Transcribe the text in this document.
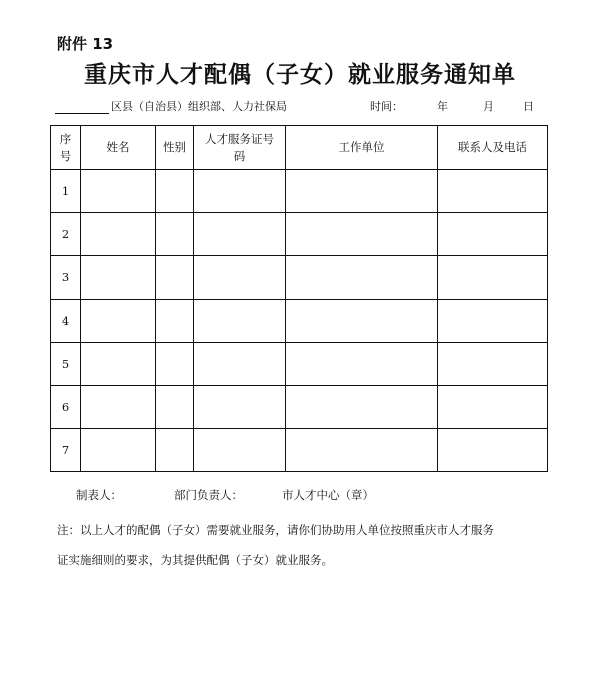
附件 13
重庆市人才配偶（子女）就业服务通知单
区县（自治县）组织部、人力社保局	时间：	年	月	日
序号	姓名	性别	人才服务证号码	工作单位	联系人及电话
1					
2					
3					
4					
5					
6					
7					
制表人：	部门负责人：	市人才中心（章）
注：以上人才的配偶（子女）需要就业服务，请你们协助用人单位按照重庆市人才服务
证实施细则的要求，为其提供配偶（子女）就业服务。
